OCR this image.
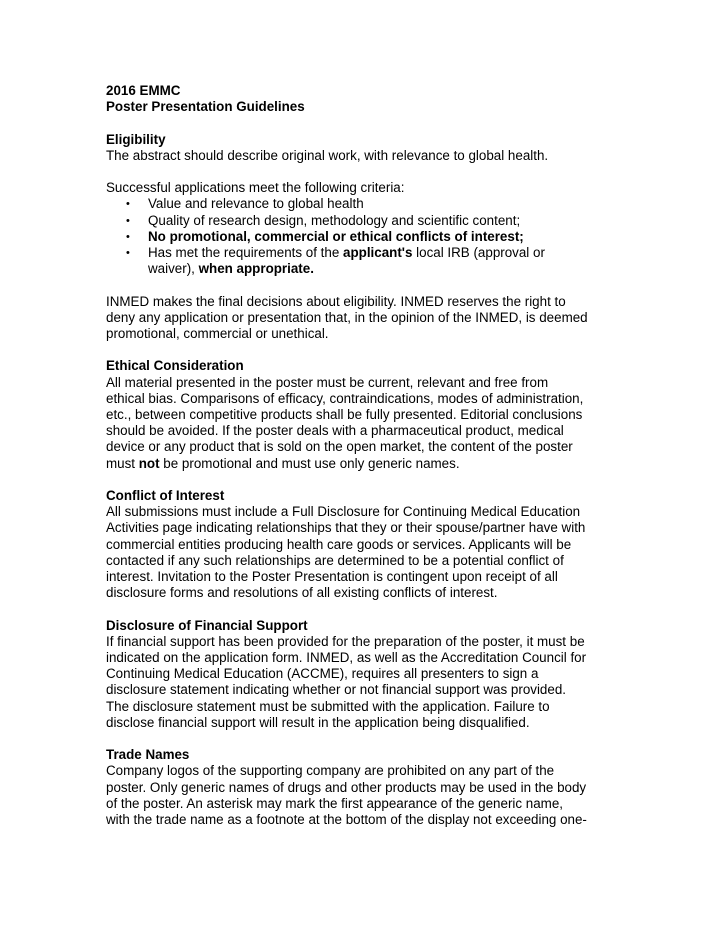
2016 EMMC

Poster Presentation Guidelines

Eligibility

The abstract should describe original work, with relevance to global health.

Successful applications meet the following criteria:

• Value and relevance to global health
• Quality of research design, methodology and scientific content;
• No promotional, commercial or ethical conflicts of interest;
• Has met the requirements of the applicant's local IRB (approval or
waiver), when appropriate.

INMED makes the final decisions about eligibility. INMED reserves the right to

deny any application or presentation that, in the opinion of the INMED, is deemed

promotional, commercial or unethical.

Ethical Consideration

All material presented in the poster must be current, relevant and free from

ethical bias. Comparisons of efficacy, contraindications, modes of administration,

etc., between competitive products shall be fully presented. Editorial conclusions

should be avoided. If the poster deals with a pharmaceutical product, medical

device or any product that is sold on the open market, the content of the poster

must not be promotional and must use only generic names.

Conflict of Interest

All submissions must include a Full Disclosure for Continuing Medical Education

Activities page indicating relationships that they or their spouse/partner have with

commercial entities producing health care goods or services. Applicants will be

contacted if any such relationships are determined to be a potential conflict of

interest. Invitation to the Poster Presentation is contingent upon receipt of all

disclosure forms and resolutions of all existing conflicts of interest.

Disclosure of Financial Support

If financial support has been provided for the preparation of the poster, it must be

indicated on the application form. INMED, as well as the Accreditation Council for

Continuing Medical Education (ACCME), requires all presenters to sign a

disclosure statement indicating whether or not financial support was provided.

The disclosure statement must be submitted with the application. Failure to

disclose financial support will result in the application being disqualified.

Trade Names

Company logos of the supporting company are prohibited on any part of the

poster. Only generic names of drugs and other products may be used in the body

of the poster. An asterisk may mark the first appearance of the generic name,

with the trade name as a footnote at the bottom of the display not exceeding one-
